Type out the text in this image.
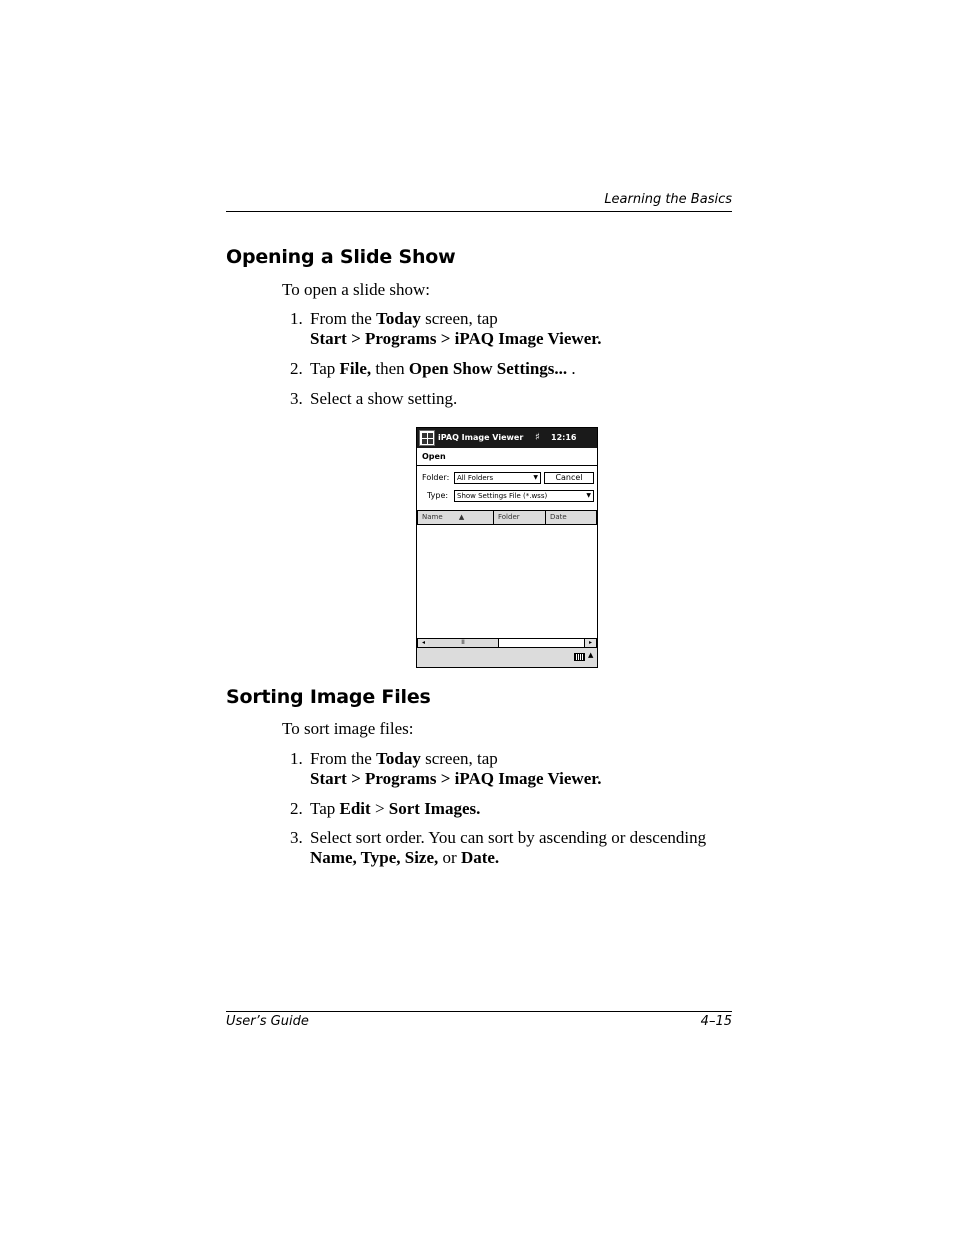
Learning the Basics
Opening a Slide Show
To open a slide show:
1. From the Today screen, tap Start > Programs > iPAQ Image Viewer.
2. Tap File, then Open Show Settings... .
3. Select a show setting.
iPAQ Image Viewer ♯ 12:16
Open
Folder:	All Folders	▼	Cancel
Type:	Show Settings File (*.wss)	▼
Name ▲	Folder	Date
◂	II	▸
▲
Sorting Image Files
To sort image files:
1. From the Today screen, tap Start > Programs > iPAQ Image Viewer.
2. Tap Edit > Sort Images.
3. Select sort order. You can sort by ascending or descending Name, Type, Size, or Date.
User’s Guide	4–15
